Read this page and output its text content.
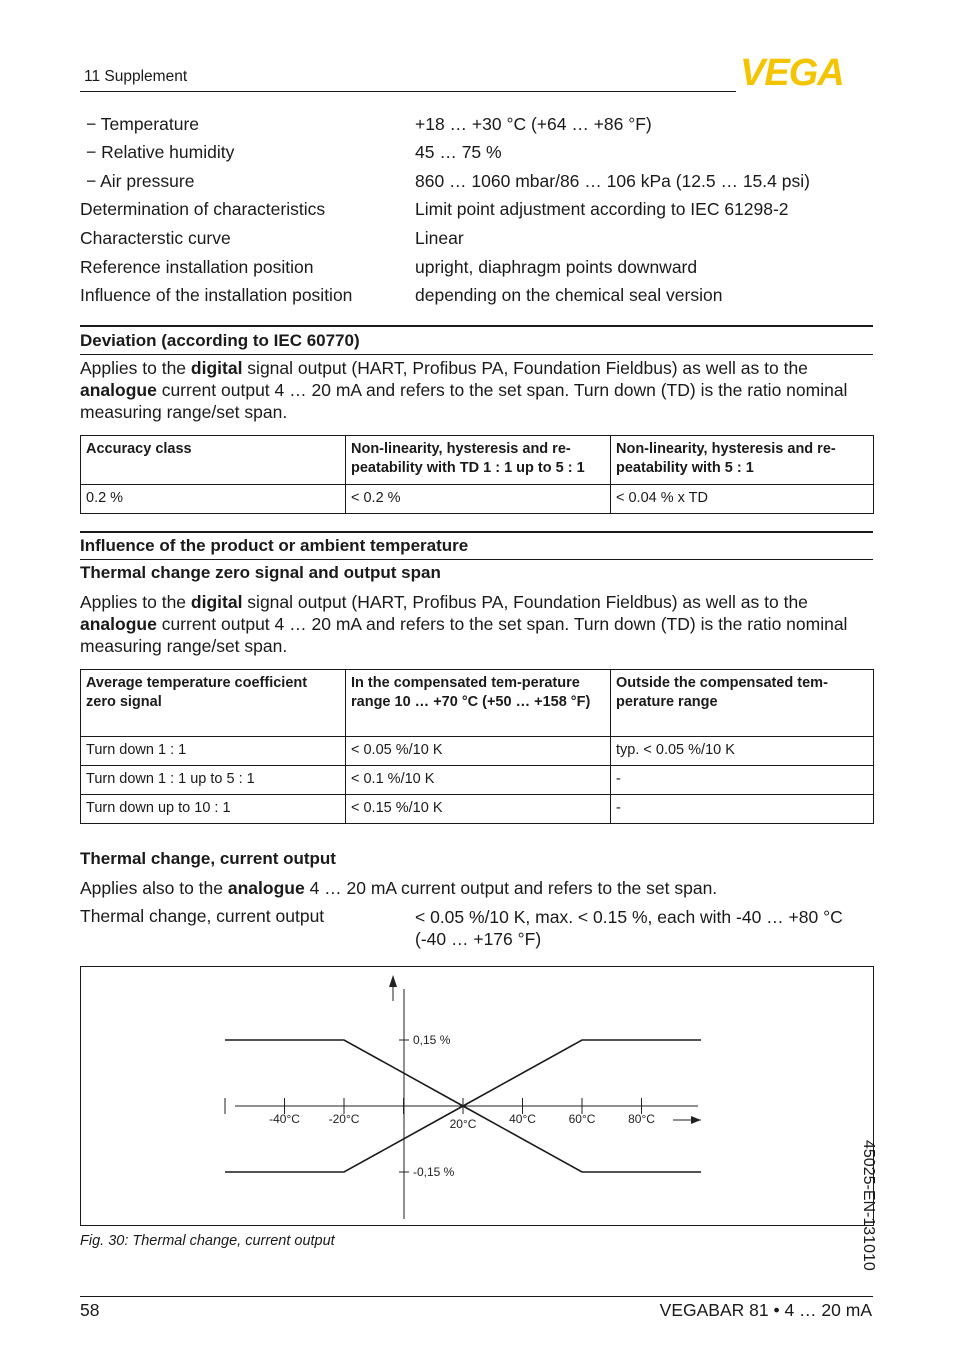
11 Supplement	VEGA
− Temperature	+18 … +30 °C (+64 … +86 °F)
− Relative humidity	45 … 75 %
− Air pressure	860 … 1060 mbar/86 … 106 kPa (12.5 … 15.4 psi)
Determination of characteristics	Limit point adjustment according to IEC 61298-2
Characterstic curve	Linear
Reference installation position	upright, diaphragm points downward
Influence of the installation position	depending on the chemical seal version
Deviation (according to IEC 60770)
Applies to the digital signal output (HART, Profibus PA, Foundation Fieldbus) as well as to the analogue current output 4 … 20 mA and refers to the set span. Turn down (TD) is the ratio nominal measuring range/set span.
Accuracy class	Non-linearity, hysteresis and re-peatability with TD 1 : 1 up to 5 : 1	Non-linearity, hysteresis and re-peatability with 5 : 1
0.2 %	< 0.2 %	< 0.04 % x TD
Influence of the product or ambient temperature
Thermal change zero signal and output span
Applies to the digital signal output (HART, Profibus PA, Foundation Fieldbus) as well as to the analogue current output 4 … 20 mA and refers to the set span. Turn down (TD) is the ratio nominal measuring range/set span.
Average temperature coefficient zero signal	In the compensated tem-perature range 10 … +70 °C (+50 … +158 °F)	Outside the compensated tem-perature range
Turn down 1 : 1	< 0.05 %/10 K	typ. < 0.05 %/10 K
Turn down 1 : 1 up to 5 : 1	< 0.1 %/10 K	-
Turn down up to 10 : 1	< 0.15 %/10 K	-
Thermal change, current output
Applies also to the analogue 4 … 20 mA current output and refers to the set span.
Thermal change, current output	< 0.05 %/10 K, max. < 0.15 %, each with -40 … +80 °C
(-40 … +176 °F)
-40°C -20°C	20°C	40°C	60°C	80°C
0,15 %
-0,15 %
Fig. 30: Thermal change, current output
58	VEGABAR 81 • 4 … 20 mA
45025-EN-131010
